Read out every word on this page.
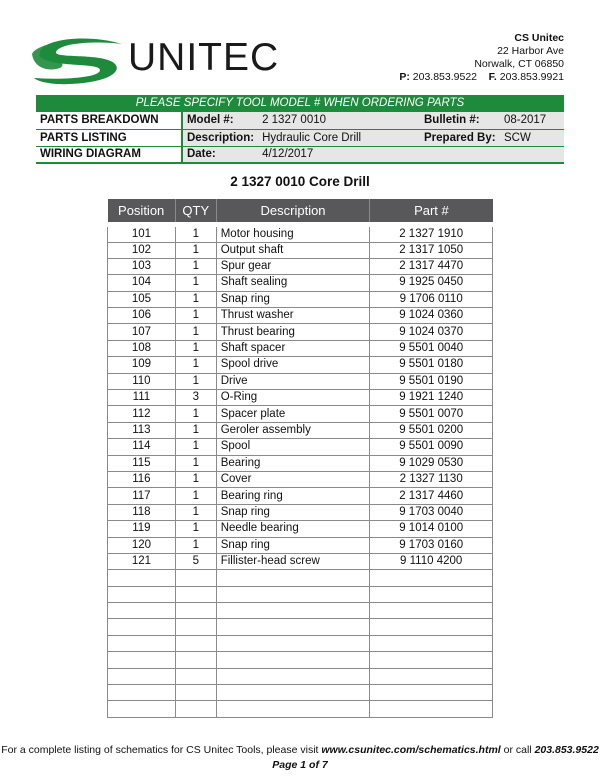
UNITEC	CS Unitec
22 Harbor Ave
Norwalk, CT 06850
P: 203.853.9522 F. 203.853.9921
PLEASE SPECIFY TOOL MODEL # WHEN ORDERING PARTS
PARTS BREAKDOWN	Model #:	2 1327 0010	Bulletin #:	08-2017
PARTS LISTING	Description:	Hydraulic Core Drill	Prepared By:	SCW
WIRING DIAGRAM	Date:	4/12/2017		
2 1327 0010 Core Drill
Position	QTY	Description	Part #
101	1	Motor housing	2 1327 1910
102	1	Output shaft	2 1317 1050
103	1	Spur gear	2 1317 4470
104	1	Shaft sealing	9 1925 0450
105	1	Snap ring	9 1706 0110
106	1	Thrust washer	9 1024 0360
107	1	Thrust bearing	9 1024 0370
108	1	Shaft spacer	9 5501 0040
109	1	Spool drive	9 5501 0180
110	1	Drive	9 5501 0190
111	3	O-Ring	9 1921 1240
112	1	Spacer plate	9 5501 0070
113	1	Geroler assembly	9 5501 0200
114	1	Spool	9 5501 0090
115	1	Bearing	9 1029 0530
116	1	Cover	2 1327 1130
117	1	Bearing ring	2 1317 4460
118	1	Snap ring	9 1703 0040
119	1	Needle bearing	9 1014 0100
120	1	Snap ring	9 1703 0160
121	5	Fillister-head screw	9 1110 4200

For a complete listing of schematics for CS Unitec Tools, please visit www.csunitec.com/schematics.html or call 203.853.9522
Page 1 of 7
